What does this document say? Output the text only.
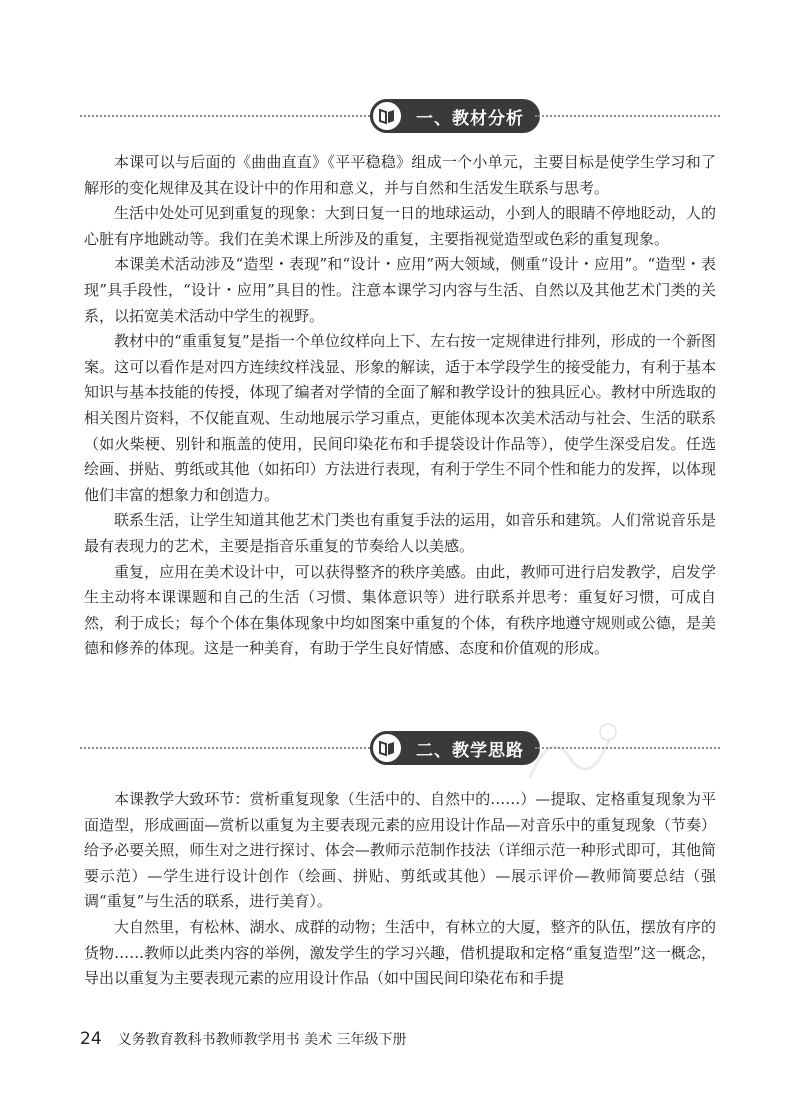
一、教材分析

本课可以与后面的《曲曲直直》《平平稳稳》组成一个小单元，主要目标是使学生学习和了解形的变化规律及其在设计中的作用和意义，并与自然和生活发生联系与思考。

生活中处处可见到重复的现象：大到日复一日的地球运动，小到人的眼睛不停地眨动，人的心脏有序地跳动等。我们在美术课上所涉及的重复，主要指视觉造型或色彩的重复现象。

本课美术活动涉及“造型・表现”和“设计・应用”两大领域，侧重“设计・应用”。“造型・表现”具手段性，“设计・应用”具目的性。注意本课学习内容与生活、自然以及其他艺术门类的关系，以拓宽美术活动中学生的视野。

教材中的“重重复复”是指一个单位纹样向上下、左右按一定规律进行排列，形成的一个新图案。这可以看作是对四方连续纹样浅显、形象的解读，适于本学段学生的接受能力，有利于基本知识与基本技能的传授，体现了编者对学情的全面了解和教学设计的独具匠心。教材中所选取的相关图片资料，不仅能直观、生动地展示学习重点，更能体现本次美术活动与社会、生活的联系（如火柴梗、别针和瓶盖的使用，民间印染花布和手提袋设计作品等），使学生深受启发。任选绘画、拼贴、剪纸或其他（如拓印）方法进行表现，有利于学生不同个性和能力的发挥，以体现他们丰富的想象力和创造力。

联系生活，让学生知道其他艺术门类也有重复手法的运用，如音乐和建筑。人们常说音乐是最有表现力的艺术，主要是指音乐重复的节奏给人以美感。

重复，应用在美术设计中，可以获得整齐的秩序美感。由此，教师可进行启发教学，启发学生主动将本课课题和自己的生活（习惯、集体意识等）进行联系并思考：重复好习惯，可成自然，利于成长；每个个体在集体现象中均如图案中重复的个体，有秩序地遵守规则或公德，是美德和修养的体现。这是一种美育，有助于学生良好情感、态度和价值观的形成。

二、教学思路

本课教学大致环节：赏析重复现象（生活中的、自然中的……）—提取、定格重复现象为平面造型，形成画面—赏析以重复为主要表现元素的应用设计作品—对音乐中的重复现象（节奏）给予必要关照，师生对之进行探讨、体会—教师示范制作技法（详细示范一种形式即可，其他简要示范）—学生进行设计创作（绘画、拼贴、剪纸或其他）—展示评价—教师简要总结（强调“重复”与生活的联系，进行美育）。

大自然里，有松林、湖水、成群的动物；生活中，有林立的大厦，整齐的队伍，摆放有序的货物……教师以此类内容的举例，激发学生的学习兴趣，借机提取和定格“重复造型”这一概念，导出以重复为主要表现元素的应用设计作品（如中国民间印染花布和手提

24 义务教育教科书教师教学用书 美术 三年级下册
